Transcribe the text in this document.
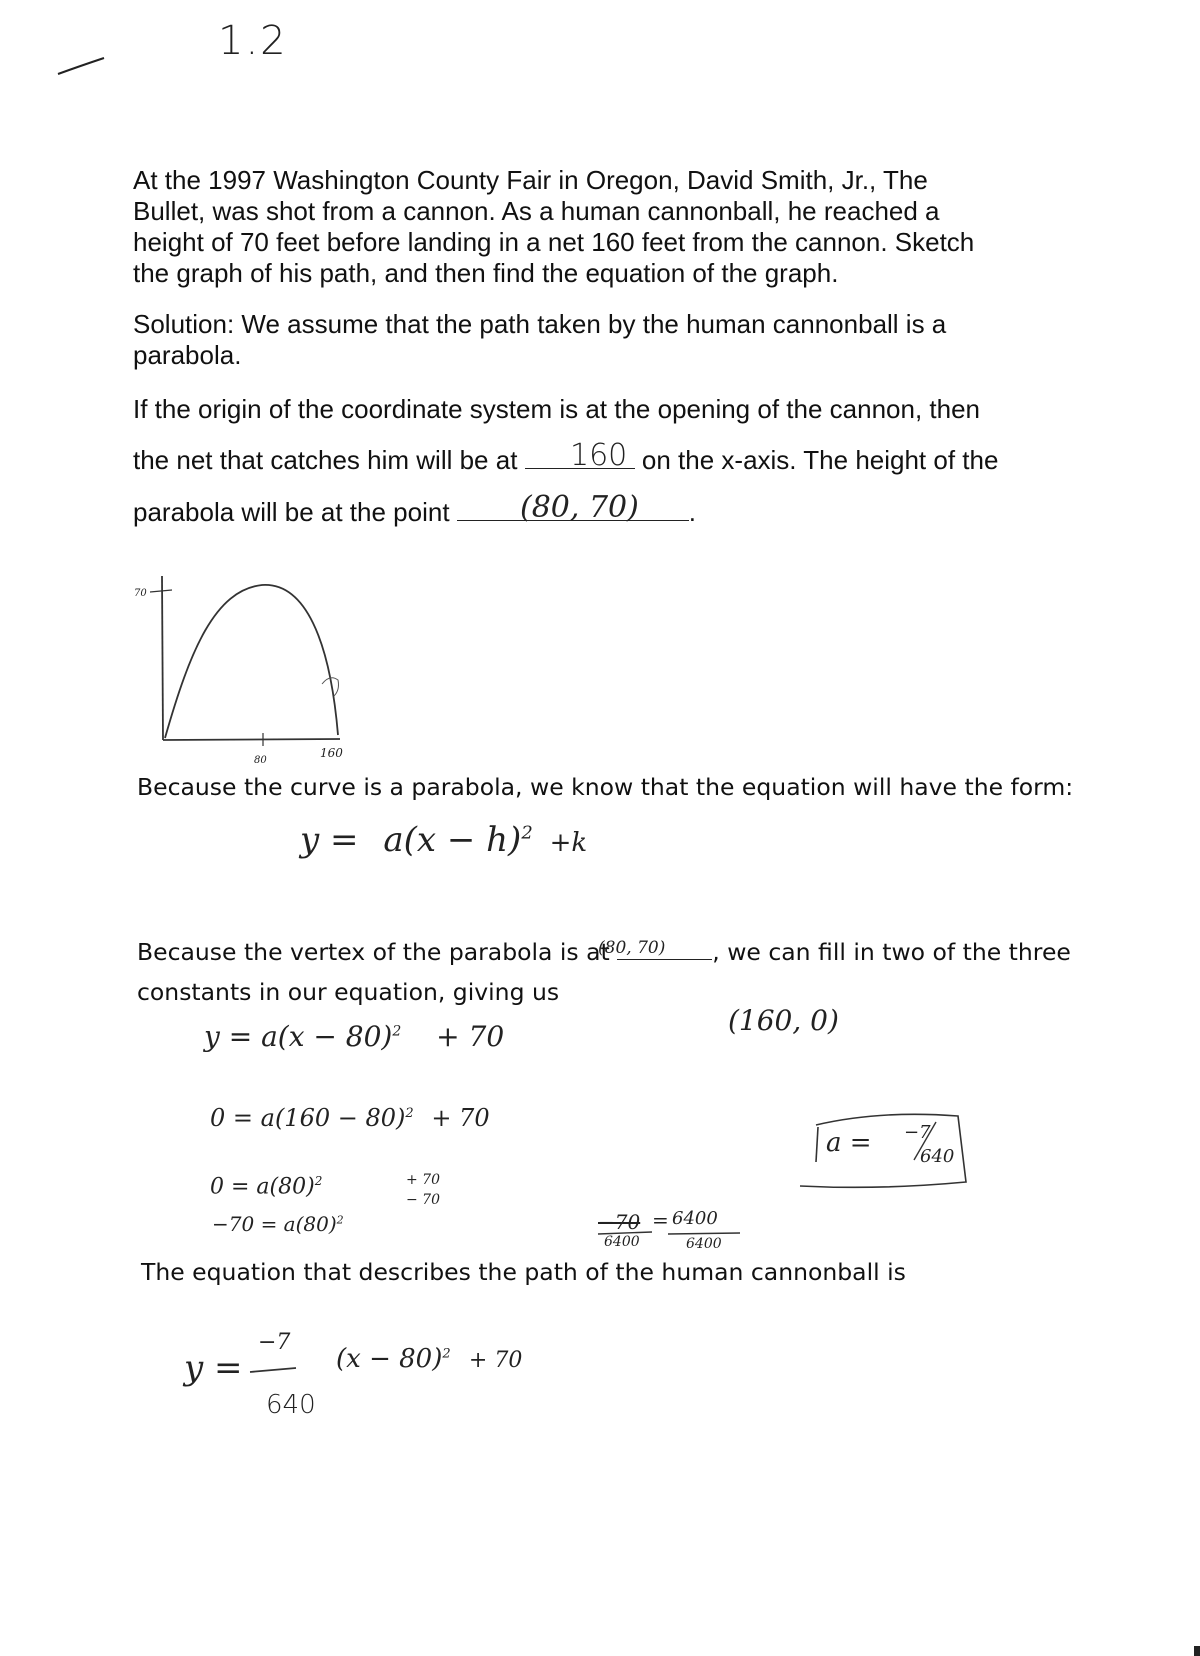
1.2

At the 1997 Washington County Fair in Oregon, David Smith, Jr., The

Bullet, was shot from a cannon. As a human cannonball, he reached a

height of 70 feet before landing in a net 160 feet from the cannon. Sketch

the graph of his path, and then find the equation of the graph.

Solution: We assume that the path taken by the human cannonball is a

parabola.

If the origin of the coordinate system is at the opening of the cannon, then

the net that catches him will be at	on the x-axis. The height of the

160

parabola will be at the point	.

(80, 70)
70
80
160

Because the curve is a parabola, we know that the equation will have the form:

$y = a(x - h)^2 +k$

Because the vertex of the parabola is at	, we can fill in two of the three

(80, 70)

constants in our equation, giving us

$y = a(x - 80)^2 + 70$	(160, 0)
$0 = a(160 - 80)^2 + 70$
$0 = a(80)^2$	+ 70
− 70
$-70 = a(80)^2$	−70 = 6400
6400	6400
a = −7
640

The equation that describes the path of the human cannonball is

y =
−7
640
$(x - 80)^2 + 70$
